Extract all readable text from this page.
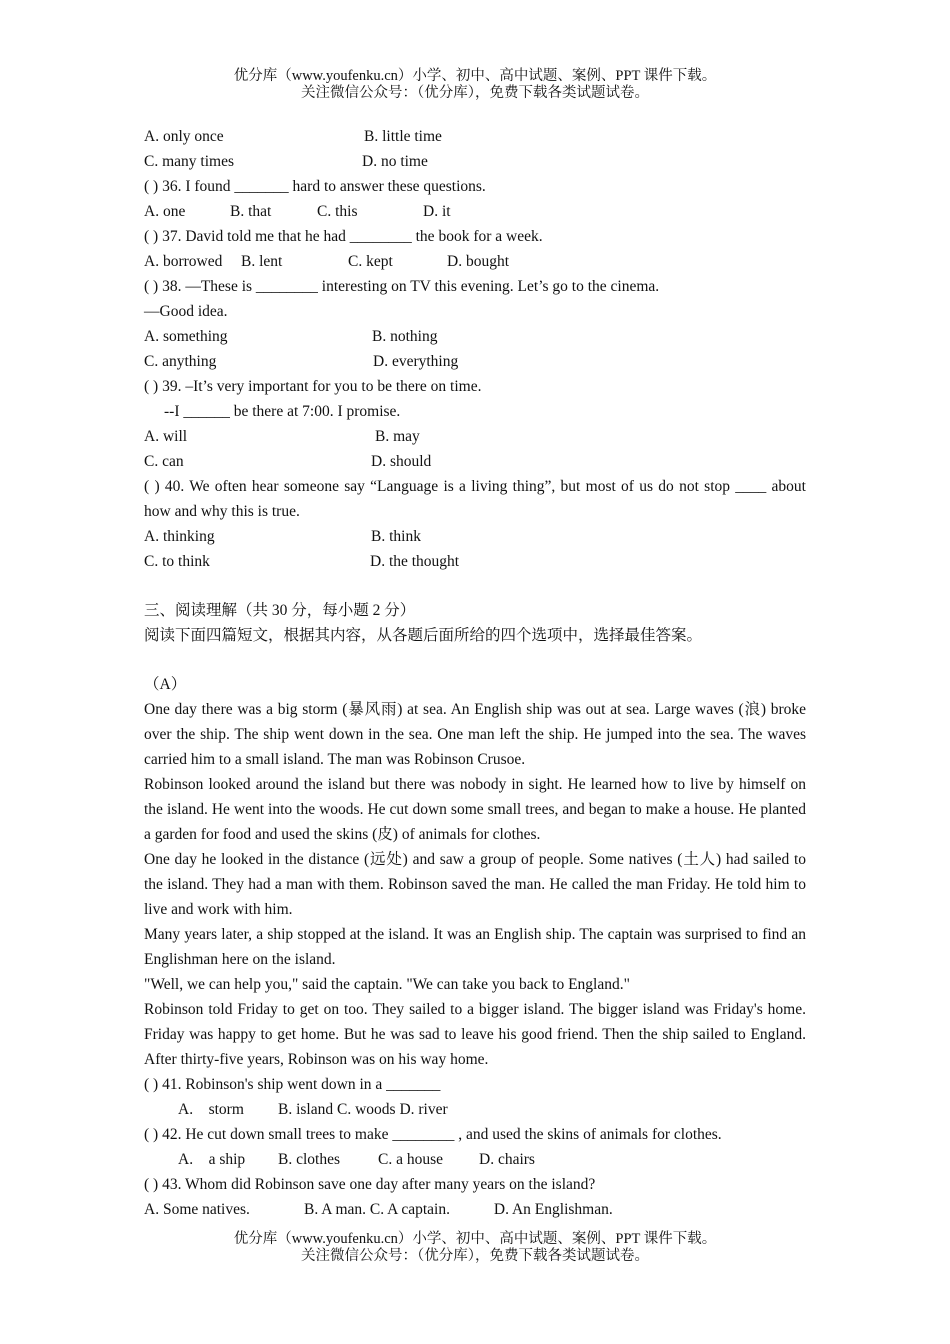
优分库（www.youfenku.cn）小学、初中、高中试题、案例、PPT 课件下载。
关注微信公众号：（优分库），免费下载各类试题试卷。
A. only once	B. little time
C. many times	D. no time
( ) 36. I found _______ hard to answer these questions.
A. one	B. that	C. this	D. it
( ) 37. David told me that he had ________ the book for a week.
A. borrowed B. lent	C. kept	D. bought
( ) 38. —These is ________ interesting on TV this evening. Let’s go to the cinema.
—Good idea.
A. something	B. nothing
C. anything	D. everything
( ) 39. –It’s very important for you to be there on time.
--I ______ be there at 7:00. I promise.
A. will	B. may
C. can	D. should
( ) 40. We often hear someone say “Language is a living thing”, but most of us do not stop ____ about how and why this is true.
A. thinking	B. think
C. to think	D. the thought
三、阅读理解（共 30 分，每小题 2 分）
阅读下面四篇短文，根据其内容，从各题后面所给的四个选项中，选择最佳答案。
（A）
One day there was a big storm (暴风雨) at sea. An English ship was out at sea. Large waves (浪) broke over the ship. The ship went down in the sea. One man left the ship. He jumped into the sea. The waves carried him to a small island. The man was Robinson Crusoe.
Robinson looked around the island but there was nobody in sight. He learned how to live by himself on the island. He went into the woods. He cut down some small trees, and began to make a house. He planted a garden for food and used the skins (皮) of animals for clothes.
One day he looked in the distance (远处) and saw a group of people. Some natives (土人) had sailed to the island. They had a man with them. Robinson saved the man. He called the man Friday. He told him to live and work with him.
Many years later, a ship stopped at the island. It was an English ship. The captain was surprised to find an Englishman here on the island.
"Well, we can help you," said the captain. "We can take you back to England."
Robinson told Friday to get on too. They sailed to a bigger island. The bigger island was Friday's home. Friday was happy to get home. But he was sad to leave his good friend. Then the ship sailed to England. After thirty-five years, Robinson was on his way home.
( ) 41. Robinson's ship went down in a _______
A.    storm B. island C. woods D. river
( ) 42. He cut down small trees to make ________ , and used the skins of animals for clothes.
A.    a ship B. clothes C. a house D. chairs
( ) 43. Whom did Robinson save one day after many years on the island?
A. Some natives.	B. A man. C. A captain.	D. An Englishman.
优分库（www.youfenku.cn）小学、初中、高中试题、案例、PPT 课件下载。
关注微信公众号：（优分库），免费下载各类试题试卷。
